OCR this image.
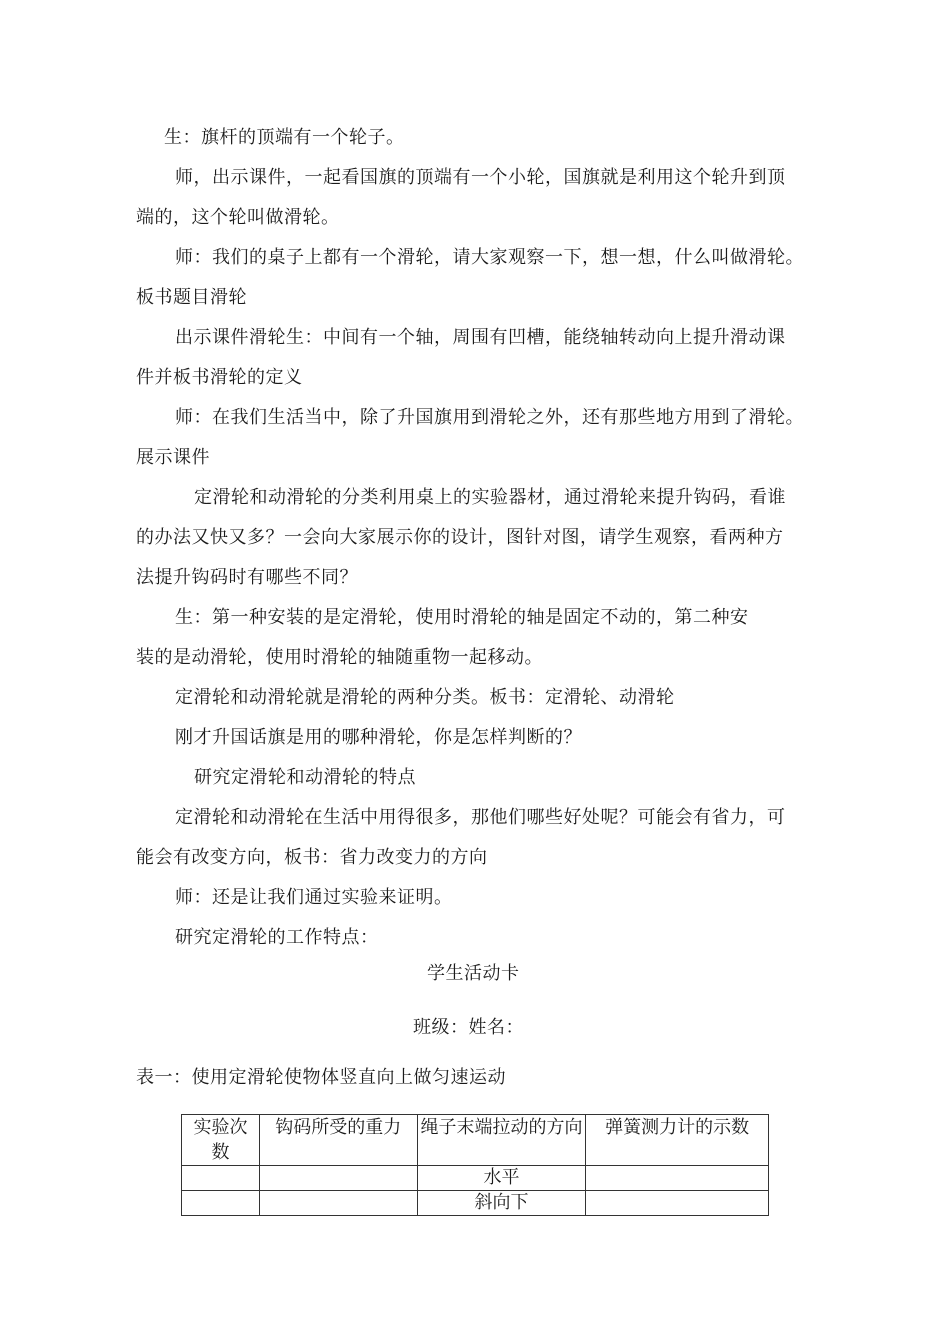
生：旗杆的顶端有一个轮子。
师，出示课件，一起看国旗的顶端有一个小轮，国旗就是利用这个轮升到顶
端的，这个轮叫做滑轮。
师：我们的桌子上都有一个滑轮，请大家观察一下，想一想，什么叫做滑轮。
板书题目滑轮
出示课件滑轮生：中间有一个轴，周围有凹槽，能绕轴转动向上提升滑动课
件并板书滑轮的定义
师：在我们生活当中，除了升国旗用到滑轮之外，还有那些地方用到了滑轮。
展示课件
定滑轮和动滑轮的分类利用桌上的实验器材，通过滑轮来提升钩码，看谁
的办法又快又多？一会向大家展示你的设计，图针对图，请学生观察，看两种方
法提升钩码时有哪些不同？
生：第一种安装的是定滑轮，使用时滑轮的轴是固定不动的，第二种安
装的是动滑轮，使用时滑轮的轴随重物一起移动。
定滑轮和动滑轮就是滑轮的两种分类。板书：定滑轮、动滑轮
刚才升国话旗是用的哪种滑轮，你是怎样判断的？
研究定滑轮和动滑轮的特点
定滑轮和动滑轮在生活中用得很多，那他们哪些好处呢？可能会有省力，可
能会有改变方向，板书：省力改变力的方向
师：还是让我们通过实验来证明。
研究定滑轮的工作特点：
学生活动卡
班级：姓名：
表一：使用定滑轮使物体竖直向上做匀速运动
实验次数	钩码所受的重力	绳子末端拉动的方向	弹簧测力计的示数
		水平	
		斜向下	
